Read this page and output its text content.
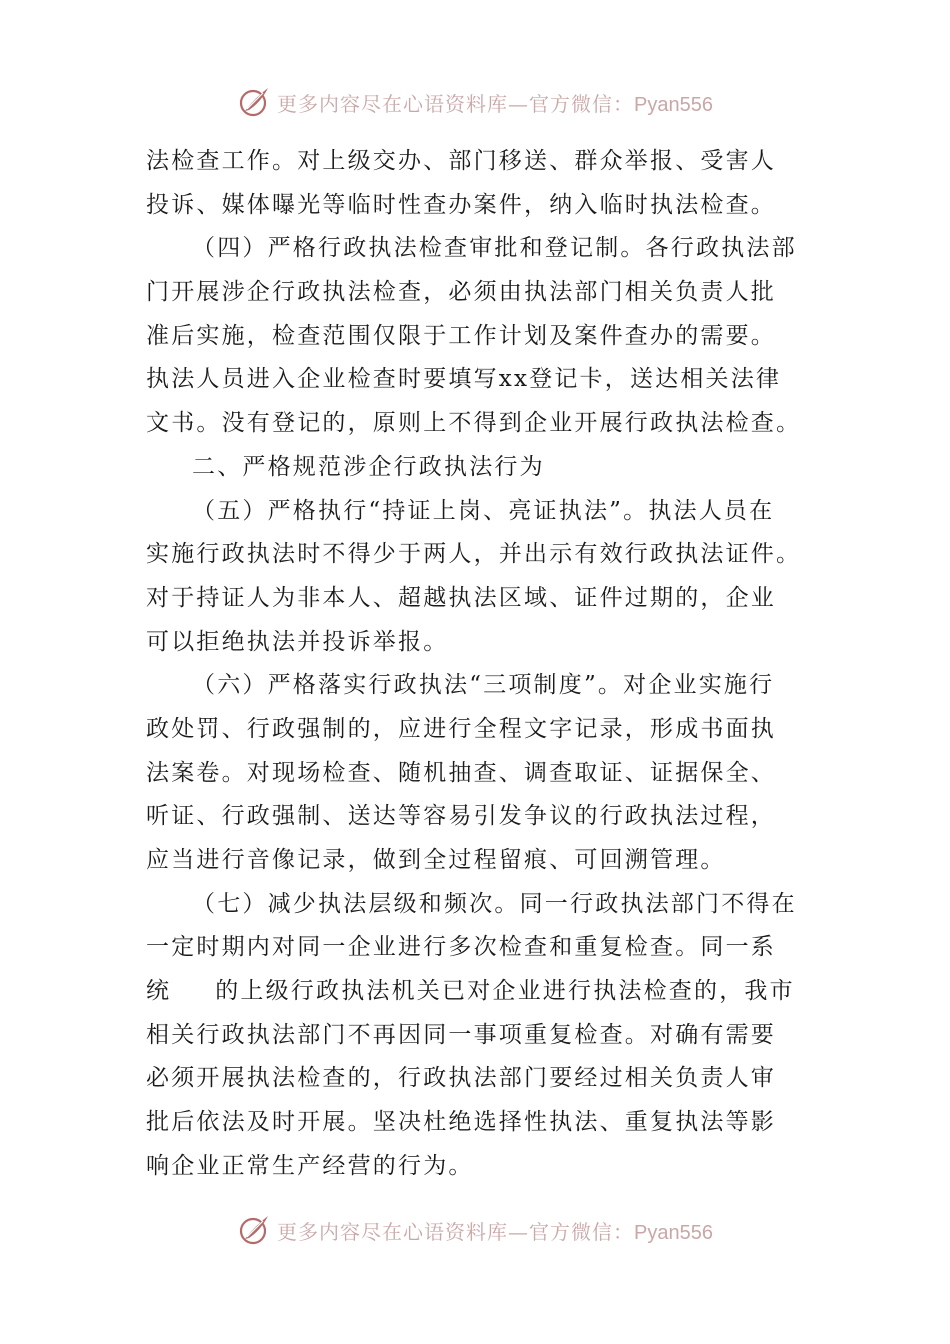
更多内容尽在心语资料库—官方微信：Pyan556
法检查工作。对上级交办、部门移送、群众举报、受害人
投诉、媒体曝光等临时性查办案件，纳入临时执法检查。
（四）严格行政执法检查审批和登记制。各行政执法部
门开展涉企行政执法检查，必须由执法部门相关负责人批
准后实施，检查范围仅限于工作计划及案件查办的需要。
执法人员进入企业检查时要填写xx登记卡，送达相关法律
文书。没有登记的，原则上不得到企业开展行政执法检查。
二、严格规范涉企行政执法行为
（五）严格执行“持证上岗、亮证执法”。执法人员在
实施行政执法时不得少于两人，并出示有效行政执法证件。
对于持证人为非本人、超越执法区域、证件过期的，企业
可以拒绝执法并投诉举报。
（六）严格落实行政执法“三项制度”。对企业实施行
政处罚、行政强制的，应进行全程文字记录，形成书面执
法案卷。对现场检查、随机抽查、调查取证、证据保全、
听证、行政强制、送达等容易引发争议的行政执法过程，
应当进行音像记录，做到全过程留痕、可回溯管理。
（七）减少执法层级和频次。同一行政执法部门不得在
一定时期内对同一企业进行多次检查和重复检查。同一系
统 的上级行政执法机关已对企业进行执法检查的，我市
相关行政执法部门不再因同一事项重复检查。对确有需要
必须开展执法检查的，行政执法部门要经过相关负责人审
批后依法及时开展。坚决杜绝选择性执法、重复执法等影
响企业正常生产经营的行为。
更多内容尽在心语资料库—官方微信：Pyan556
